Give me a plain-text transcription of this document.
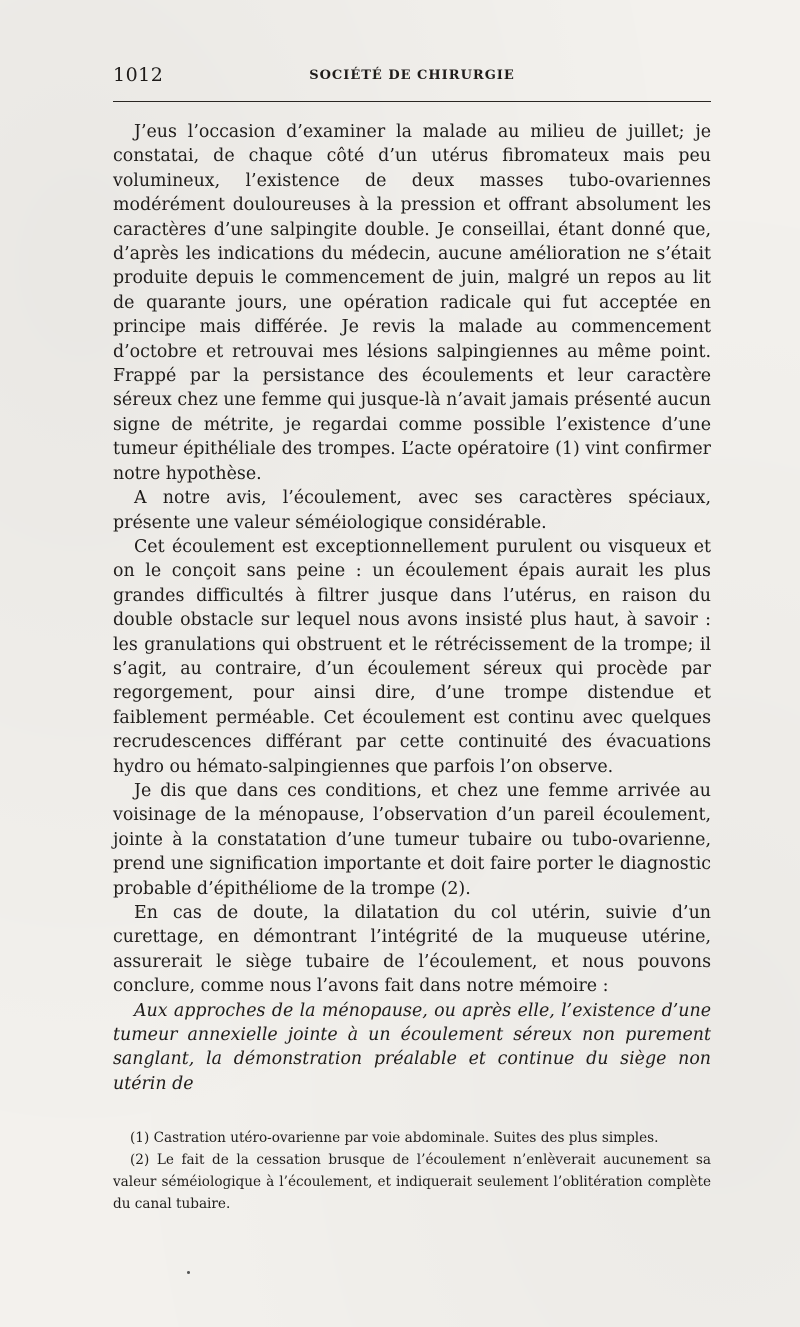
1012	SOCIÉTÉ DE CHIRURGIE

J’eus l’occasion d’examiner la malade au milieu de juillet; je constatai, de chaque côté d’un utérus fibromateux mais peu volumineux, l’existence de deux masses tubo-ovariennes modérément douloureuses à la pression et offrant absolument les caractères d’une salpingite double. Je conseillai, étant donné que, d’après les indications du médecin, aucune amélioration ne s’était produite depuis le commencement de juin, malgré un repos au lit de quarante jours, une opération radicale qui fut acceptée en principe mais différée. Je revis la malade au commencement d’octobre et retrouvai mes lésions salpingiennes au même point. Frappé par la persistance des écoulements et leur caractère séreux chez une femme qui jusque-là n’avait jamais présenté aucun signe de métrite, je regardai comme possible l’existence d’une tumeur épithéliale des trompes. L’acte opératoire (1) vint confirmer notre hypothèse.

A notre avis, l’écoulement, avec ses caractères spéciaux, présente une valeur séméiologique considérable.

Cet écoulement est exceptionnellement purulent ou visqueux et on le conçoit sans peine : un écoulement épais aurait les plus grandes difficultés à filtrer jusque dans l’utérus, en raison du double obstacle sur lequel nous avons insisté plus haut, à savoir : les granulations qui obstruent et le rétrécissement de la trompe; il s’agit, au contraire, d’un écoulement séreux qui procède par regorgement, pour ainsi dire, d’une trompe distendue et faiblement perméable. Cet écoulement est continu avec quelques recrudescences différant par cette continuité des évacuations hydro ou hémato-salpingiennes que parfois l’on observe.

Je dis que dans ces conditions, et chez une femme arrivée au voisinage de la ménopause, l’observation d’un pareil écoulement, jointe à la constatation d’une tumeur tubaire ou tubo-ovarienne, prend une signification importante et doit faire porter le diagnostic probable d’épithéliome de la trompe (2).

En cas de doute, la dilatation du col utérin, suivie d’un curettage, en démontrant l’intégrité de la muqueuse utérine, assurerait le siège tubaire de l’écoulement, et nous pouvons conclure, comme nous l’avons fait dans notre mémoire :

Aux approches de la ménopause, ou après elle, l’existence d’une tumeur annexielle jointe à un écoulement séreux non purement sanglant, la démonstration préalable et continue du siège non utérin de

(1) Castration utéro-ovarienne par voie abdominale. Suites des plus simples.

(2) Le fait de la cessation brusque de l’écoulement n’enlèverait aucunement sa valeur séméiologique à l’écoulement, et indiquerait seulement l’oblitération complète du canal tubaire.
